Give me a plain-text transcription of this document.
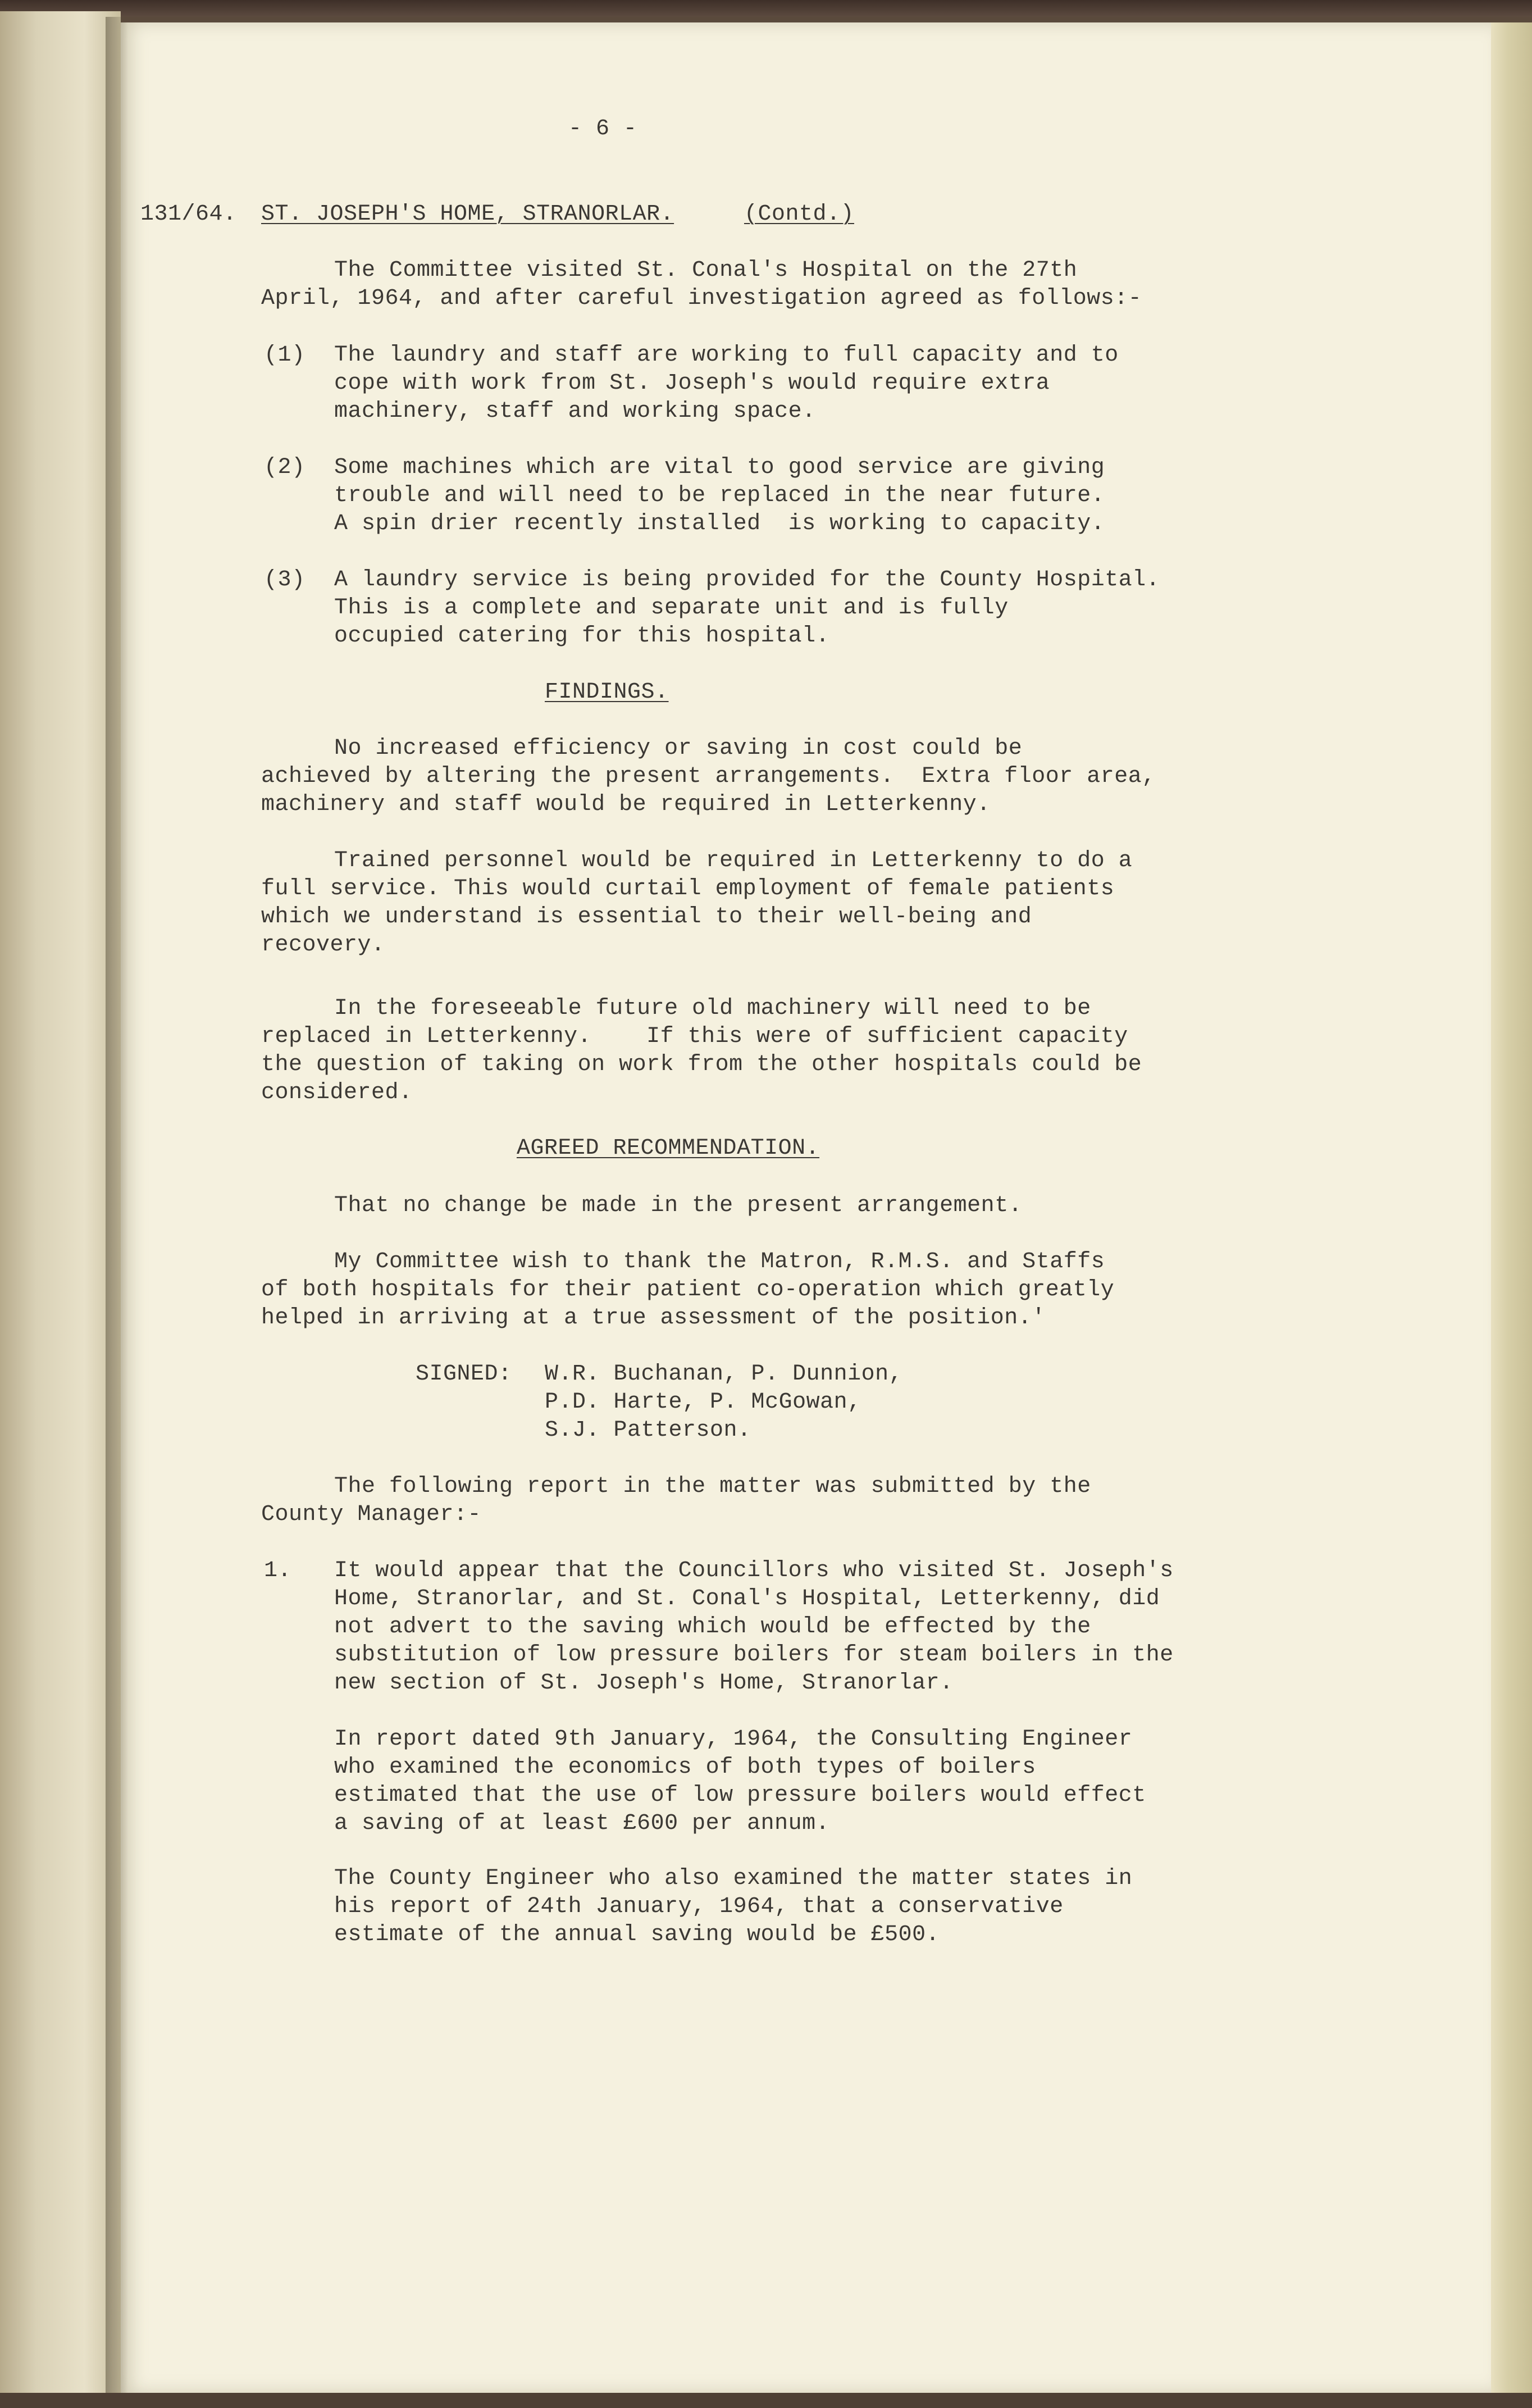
- 6 -
131/64. ST. JOSEPH'S HOME, STRANORLAR.	(Contd.)
The Committee visited St. Conal's Hospital on the 27th
April, 1964, and after careful investigation agreed as follows:-
(1) The laundry and staff are working to full capacity and to
cope with work from St. Joseph's would require extra
machinery, staff and working space.
(2) Some machines which are vital to good service are giving
trouble and will need to be replaced in the near future.
A spin drier recently installed  is working to capacity.
(3) A laundry service is being provided for the County Hospital.
This is a complete and separate unit and is fully
occupied catering for this hospital.
FINDINGS.
No increased efficiency or saving in cost could be
achieved by altering the present arrangements.  Extra floor area,
machinery and staff would be required in Letterkenny.
Trained personnel would be required in Letterkenny to do a
full service. This would curtail employment of female patients
which we understand is essential to their well-being and
recovery.
In the foreseeable future old machinery will need to be
replaced in Letterkenny.    If this were of sufficient capacity
the question of taking on work from the other hospitals could be
considered.
AGREED RECOMMENDATION.
That no change be made in the present arrangement.
My Committee wish to thank the Matron, R.M.S. and Staffs
of both hospitals for their patient co-operation which greatly
helped in arriving at a true assessment of the position.'
SIGNED: W.R. Buchanan, P. Dunnion,
P.D. Harte, P. McGowan,
S.J. Patterson.
The following report in the matter was submitted by the
County Manager:-
1. It would appear that the Councillors who visited St. Joseph's
Home, Stranorlar, and St. Conal's Hospital, Letterkenny, did
not advert to the saving which would be effected by the
substitution of low pressure boilers for steam boilers in the
new section of St. Joseph's Home, Stranorlar.
In report dated 9th January, 1964, the Consulting Engineer
who examined the economics of both types of boilers
estimated that the use of low pressure boilers would effect
a saving of at least £600 per annum.
The County Engineer who also examined the matter states in
his report of 24th January, 1964, that a conservative
estimate of the annual saving would be £500.
